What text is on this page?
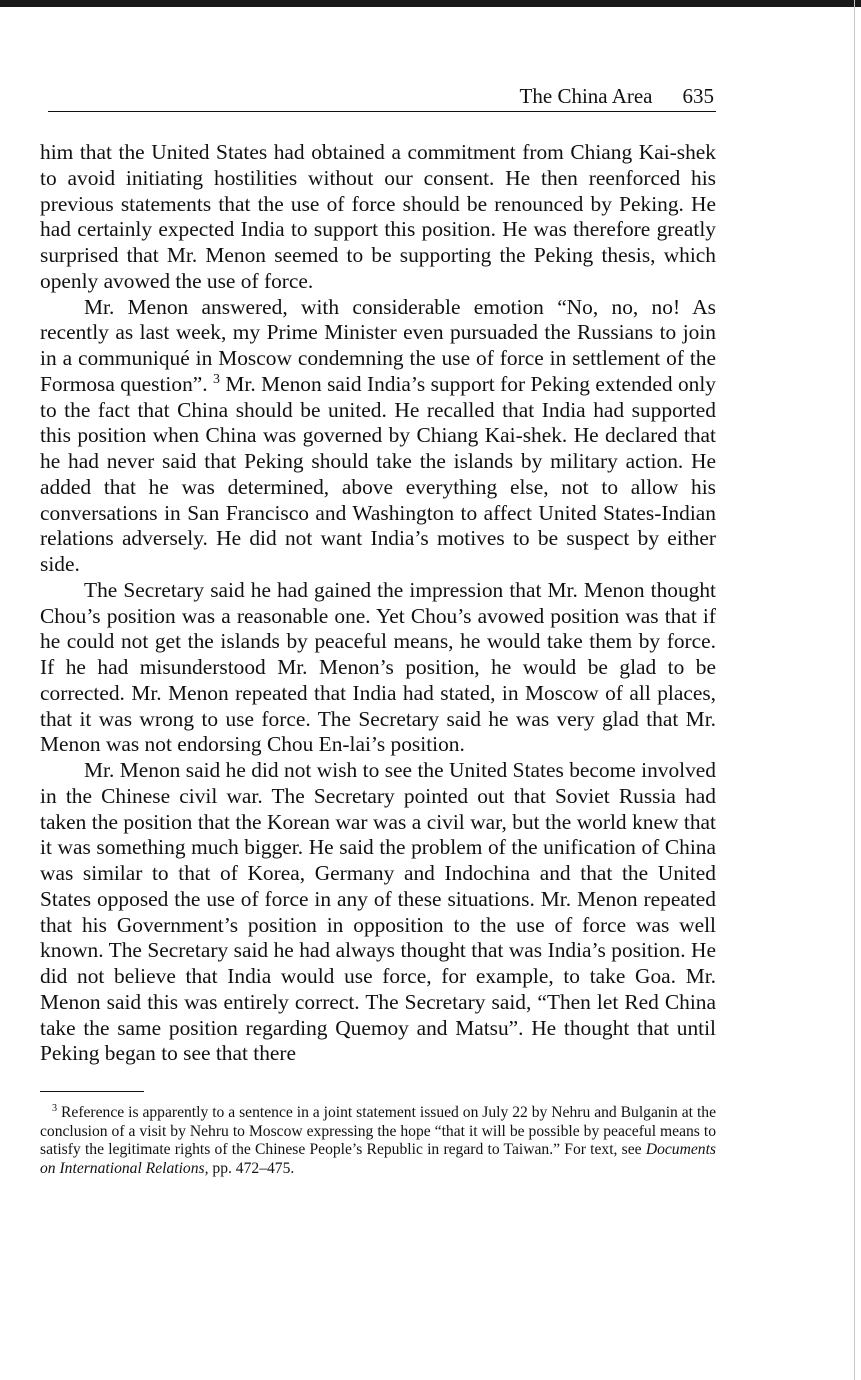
The China Area 635

him that the United States had obtained a commitment from Chiang Kai-shek to avoid initiating hostilities without our consent. He then reenforced his previous statements that the use of force should be renounced by Peking. He had certainly expected India to support this position. He was therefore greatly surprised that Mr. Menon seemed to be supporting the Peking thesis, which openly avowed the use of force.

Mr. Menon answered, with considerable emotion “No, no, no! As recently as last week, my Prime Minister even pursuaded the Russians to join in a communiqué in Moscow condemning the use of force in settlement of the Formosa question”. $^3$ Mr. Menon said India’s support for Peking extended only to the fact that China should be united. He recalled that India had supported this position when China was governed by Chiang Kai-shek. He declared that he had never said that Peking should take the islands by military action. He added that he was determined, above everything else, not to allow his conversations in San Francisco and Washington to affect United States-Indian relations adversely. He did not want India’s motives to be suspect by either side.

The Secretary said he had gained the impression that Mr. Menon thought Chou’s position was a reasonable one. Yet Chou’s avowed position was that if he could not get the islands by peaceful means, he would take them by force. If he had misunderstood Mr. Menon’s position, he would be glad to be corrected. Mr. Menon repeated that India had stated, in Moscow of all places, that it was wrong to use force. The Secretary said he was very glad that Mr. Menon was not endorsing Chou En-lai’s position.

Mr. Menon said he did not wish to see the United States become involved in the Chinese civil war. The Secretary pointed out that Soviet Russia had taken the position that the Korean war was a civil war, but the world knew that it was something much bigger. He said the problem of the unification of China was similar to that of Korea, Germany and Indochina and that the United States opposed the use of force in any of these situations. Mr. Menon repeated that his Government’s position in opposition to the use of force was well known. The Secretary said he had always thought that was India’s position. He did not believe that India would use force, for example, to take Goa. Mr. Menon said this was entirely correct. The Secretary said, “Then let Red China take the same position regarding Quemoy and Matsu”. He thought that until Peking began to see that there

$^3$ Reference is apparently to a sentence in a joint statement issued on July 22 by Nehru and Bulganin at the conclusion of a visit by Nehru to Moscow expressing the hope “that it will be possible by peaceful means to satisfy the legitimate rights of the Chinese People’s Republic in regard to Taiwan.” For text, see Documents on International Relations, pp. 472–475.
